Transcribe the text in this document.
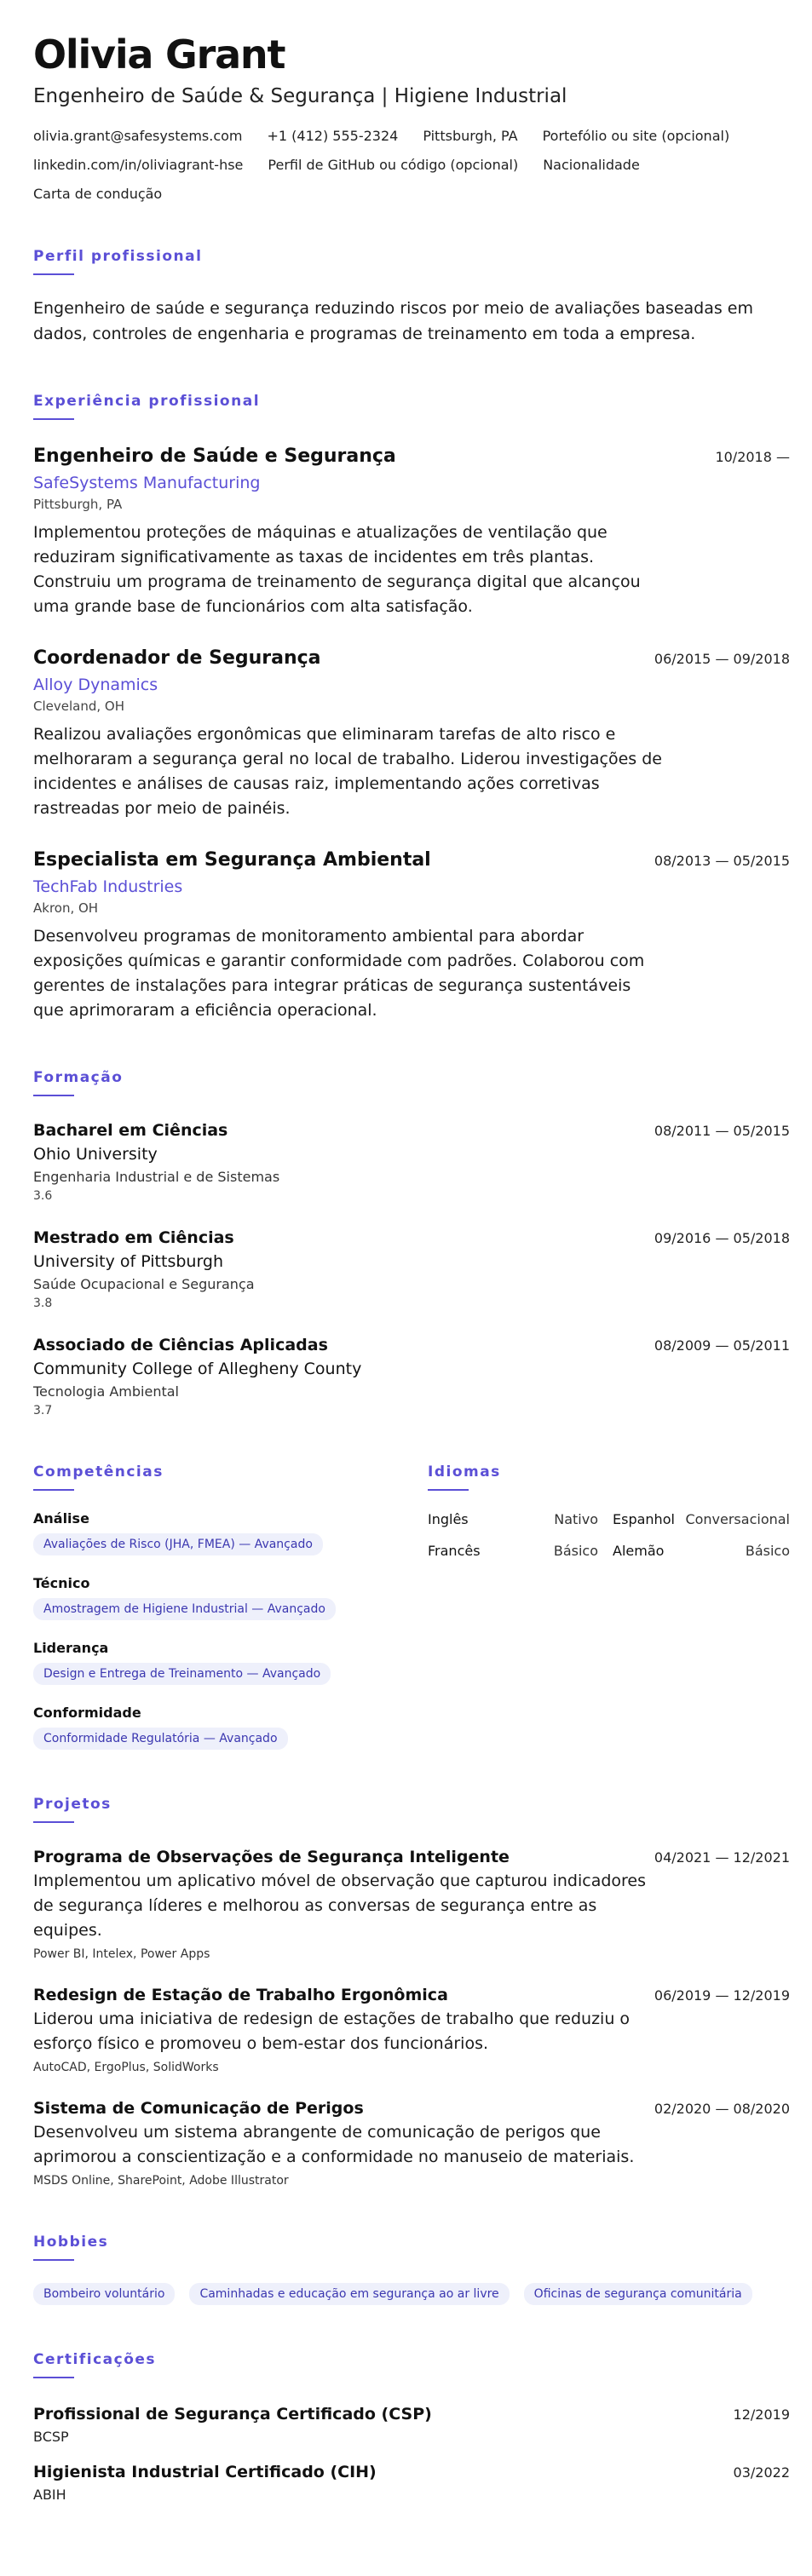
Olivia Grant
Engenheiro de Saúde & Segurança | Higiene Industrial
olivia.grant@safesystems.com +1 (412) 555-2324 Pittsburgh, PA Portefólio ou site (opcional)
linkedin.com/in/oliviagrant-hse Perfil de GitHub ou código (opcional) Nacionalidade
Carta de condução
Perfil profissional
Engenheiro de saúde e segurança reduzindo riscos por meio de avaliações baseadas em dados, controles de engenharia e programas de treinamento em toda a empresa.
Experiência profissional
Engenheiro de Saúde e Segurança	10/2018 —
SafeSystems Manufacturing
Pittsburgh, PA
Implementou proteções de máquinas e atualizações de ventilação que reduziram significativamente as taxas de incidentes em três plantas. Construiu um programa de treinamento de segurança digital que alcançou uma grande base de funcionários com alta satisfação.
Coordenador de Segurança	06/2015 — 09/2018
Alloy Dynamics
Cleveland, OH
Realizou avaliações ergonômicas que eliminaram tarefas de alto risco e melhoraram a segurança geral no local de trabalho. Liderou investigações de incidentes e análises de causas raiz, implementando ações corretivas rastreadas por meio de painéis.
Especialista em Segurança Ambiental	08/2013 — 05/2015
TechFab Industries
Akron, OH
Desenvolveu programas de monitoramento ambiental para abordar exposições químicas e garantir conformidade com padrões. Colaborou com gerentes de instalações para integrar práticas de segurança sustentáveis que aprimoraram a eficiência operacional.
Formação
Bacharel em Ciências	08/2011 — 05/2015
Ohio University
Engenharia Industrial e de Sistemas
3.6
Mestrado em Ciências	09/2016 — 05/2018
University of Pittsburgh
Saúde Ocupacional e Segurança
3.8
Associado de Ciências Aplicadas	08/2009 — 05/2011
Community College of Allegheny County
Tecnologia Ambiental
3.7
Competências
Análise
Avaliações de Risco (JHA, FMEA) — Avançado
Técnico
Amostragem de Higiene Industrial — Avançado
Liderança
Design e Entrega de Treinamento — Avançado
Conformidade
Conformidade Regulatória — Avançado
Idiomas
Inglês	Nativo Espanhol Conversacional
Francês	Básico Alemão	Básico
Projetos
Programa de Observações de Segurança Inteligente	04/2021 — 12/2021
Implementou um aplicativo móvel de observação que capturou indicadores de segurança líderes e melhorou as conversas de segurança entre as equipes.
Power BI, Intelex, Power Apps
Redesign de Estação de Trabalho Ergonômica	06/2019 — 12/2019
Liderou uma iniciativa de redesign de estações de trabalho que reduziu o esforço físico e promoveu o bem-estar dos funcionários.
AutoCAD, ErgoPlus, SolidWorks
Sistema de Comunicação de Perigos	02/2020 — 08/2020
Desenvolveu um sistema abrangente de comunicação de perigos que aprimorou a conscientização e a conformidade no manuseio de materiais.
MSDS Online, SharePoint, Adobe Illustrator
Hobbies
Bombeiro voluntário	Caminhadas e educação em segurança ao ar livre	Oficinas de segurança comunitária
Certificações
Profissional de Segurança Certificado (CSP)	12/2019
BCSP
Higienista Industrial Certificado (CIH)	03/2022
ABIH
